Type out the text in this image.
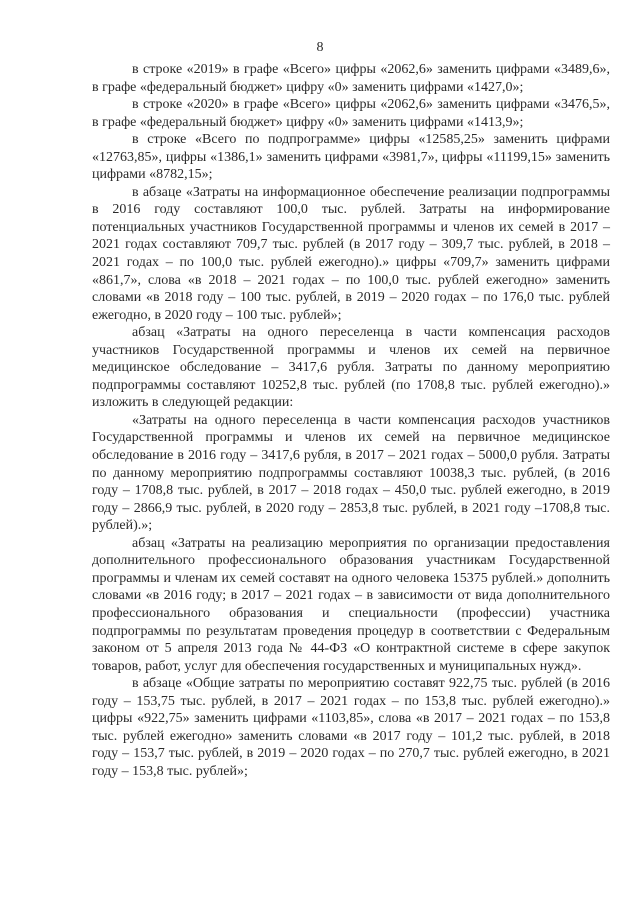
8

в строке «2019» в графе «Всего» цифры «2062,6» заменить цифрами «3489,6», в графе «федеральный бюджет» цифру «0» заменить цифрами «1427,0»;

в строке «2020» в графе «Всего» цифры «2062,6» заменить цифрами «3476,5», в графе «федеральный бюджет» цифру «0» заменить цифрами «1413,9»;

в строке «Всего по подпрограмме» цифры «12585,25» заменить цифрами «12763,85», цифры «1386,1» заменить цифрами «3981,7», цифры «11199,15» заменить цифрами «8782,15»;

в абзаце «Затраты на информационное обеспечение реализации подпрограммы в 2016 году составляют 100,0 тыс. рублей. Затраты на информирование потенциальных участников Государственной программы и членов их семей в 2017 – 2021 годах составляют 709,7 тыс. рублей (в 2017 году – 309,7 тыс. рублей, в 2018 – 2021 годах – по 100,0 тыс. рублей ежегодно).» цифры «709,7» заменить цифрами «861,7», слова «в 2018 – 2021 годах – по 100,0 тыс. рублей ежегодно» заменить словами «в 2018 году – 100 тыс. рублей, в 2019 – 2020 годах – по 176,0 тыс. рублей ежегодно, в 2020 году – 100 тыс. рублей»;

абзац «Затраты на одного переселенца в части компенсация расходов участников Государственной программы и членов их семей на первичное медицинское обследование – 3417,6 рубля. Затраты по данному мероприятию подпрограммы составляют 10252,8 тыс. рублей (по 1708,8 тыс. рублей ежегодно).» изложить в следующей редакции:

«Затраты на одного переселенца в части компенсация расходов участников Государственной программы и членов их семей на первичное медицинское обследование в 2016 году – 3417,6 рубля, в 2017 – 2021 годах – 5000,0 рубля. Затраты по данному мероприятию подпрограммы составляют 10038,3 тыс. рублей, (в 2016 году – 1708,8 тыс. рублей, в 2017 – 2018 годах – 450,0 тыс. рублей ежегодно, в 2019 году – 2866,9 тыс. рублей, в 2020 году – 2853,8 тыс. рублей, в 2021 году –1708,8 тыс. рублей).»;

абзац «Затраты на реализацию мероприятия по организации предоставления дополнительного профессионального образования участникам Государственной программы и членам их семей составят на одного человека 15375 рублей.» дополнить словами «в 2016 году; в 2017 – 2021 годах – в зависимости от вида дополнительного профессионального образования и специальности (профессии) участника подпрограммы по результатам проведения процедур в соответствии с Федеральным законом от 5 апреля 2013 года № 44-ФЗ «О контрактной системе в сфере закупок товаров, работ, услуг для обеспечения государственных и муниципальных нужд».

в абзаце «Общие затраты по мероприятию составят 922,75 тыс. рублей (в 2016 году – 153,75 тыс. рублей, в 2017 – 2021 годах – по 153,8 тыс. рублей ежегодно).» цифры «922,75» заменить цифрами «1103,85», слова «в 2017 – 2021 годах – по 153,8 тыс. рублей ежегодно» заменить словами «в 2017 году – 101,2 тыс. рублей, в 2018 году – 153,7 тыс. рублей, в 2019 – 2020 годах – по 270,7 тыс. рублей ежегодно, в 2021 году – 153,8 тыс. рублей»;
